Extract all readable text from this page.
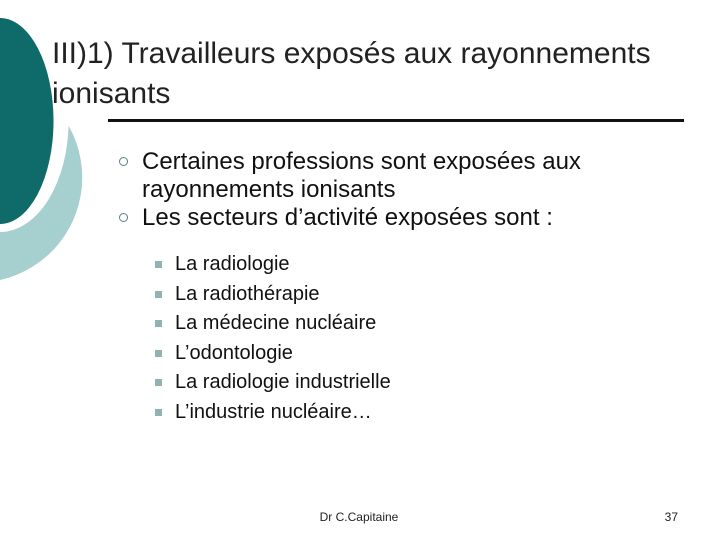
III)1) Travailleurs exposés aux rayonnements ionisants
Certaines professions sont exposées aux rayonnements ionisants
Les secteurs d’activité exposées sont :
La radiologie
La radiothérapie
La médecine nucléaire
L’odontologie
La radiologie industrielle
L’industrie nucléaire…
Dr C.Capitaine	37
